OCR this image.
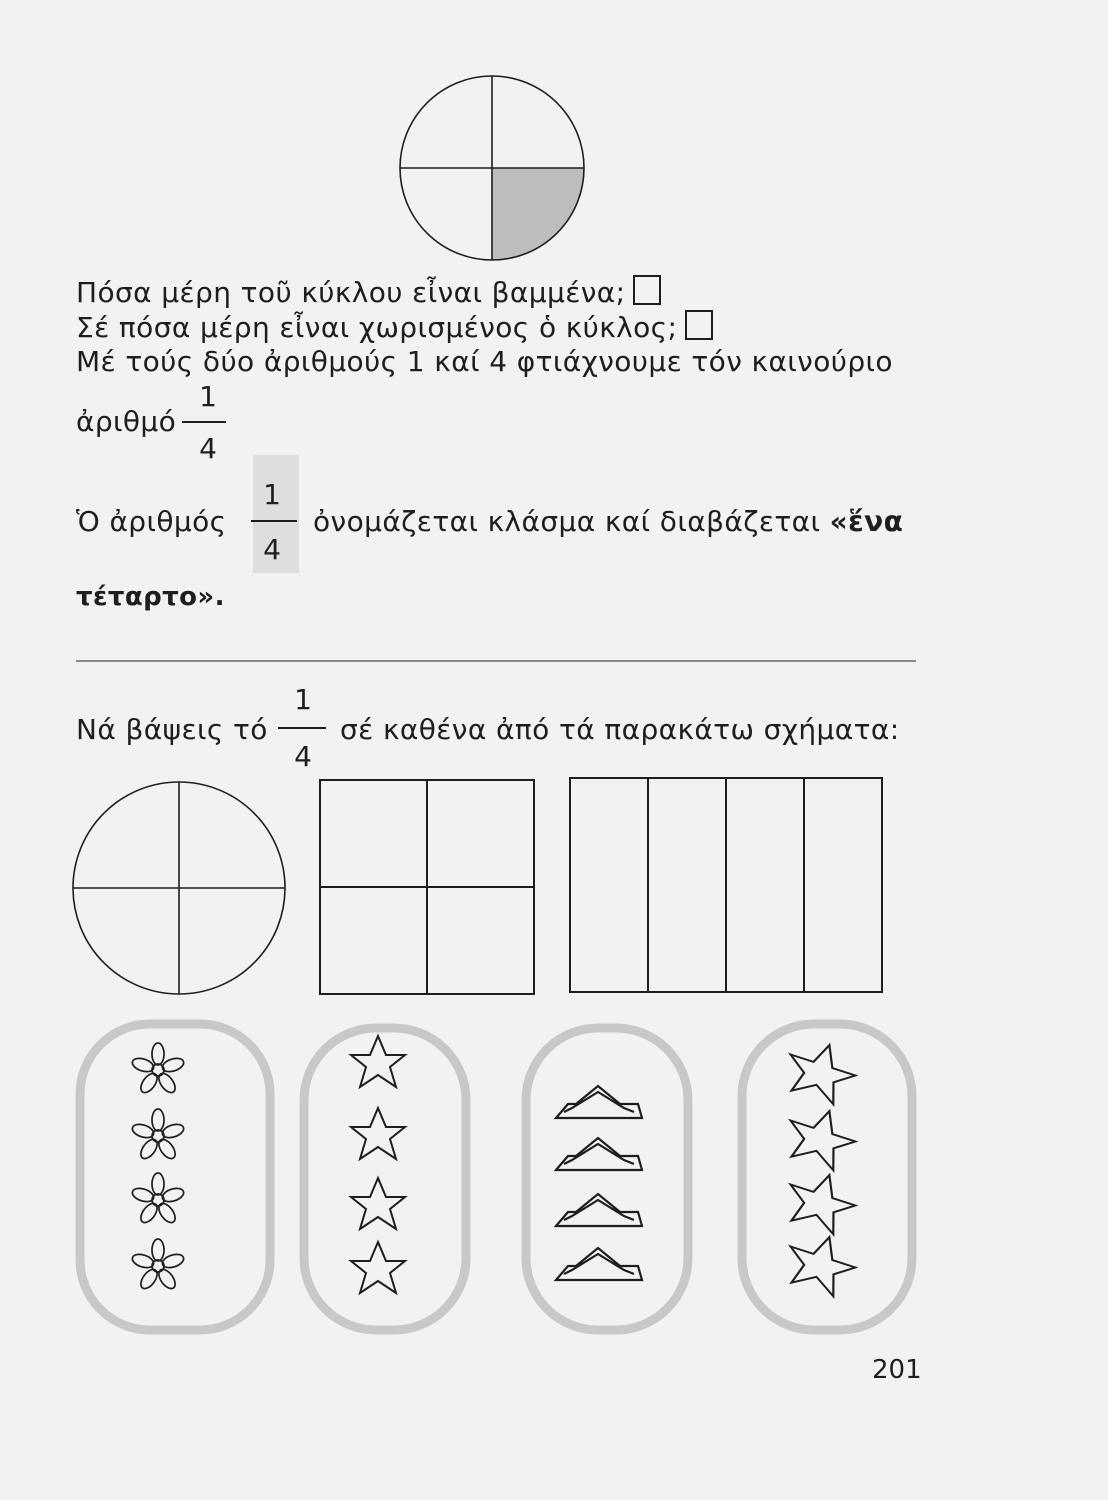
Πόσα μέρη τοῦ κύκλου εἶναι βαμμένα;
Σέ πόσα μέρη εἶναι χωρισμένος ὁ κύκλος;
Μέ τούς δύο ἀριθμούς 1 καί 4 φτιάχνουμε τόν καινούριο
ἀριθμό
1
4
Ὁ ἀριθμός
1
4
ὀνομάζεται κλάσμα καί διαβάζεται «ἕνα
τέταρτο».
Νά βάψεις τό
1
4
σέ καθένα ἀπό τά παρακάτω σχήματα:
201
